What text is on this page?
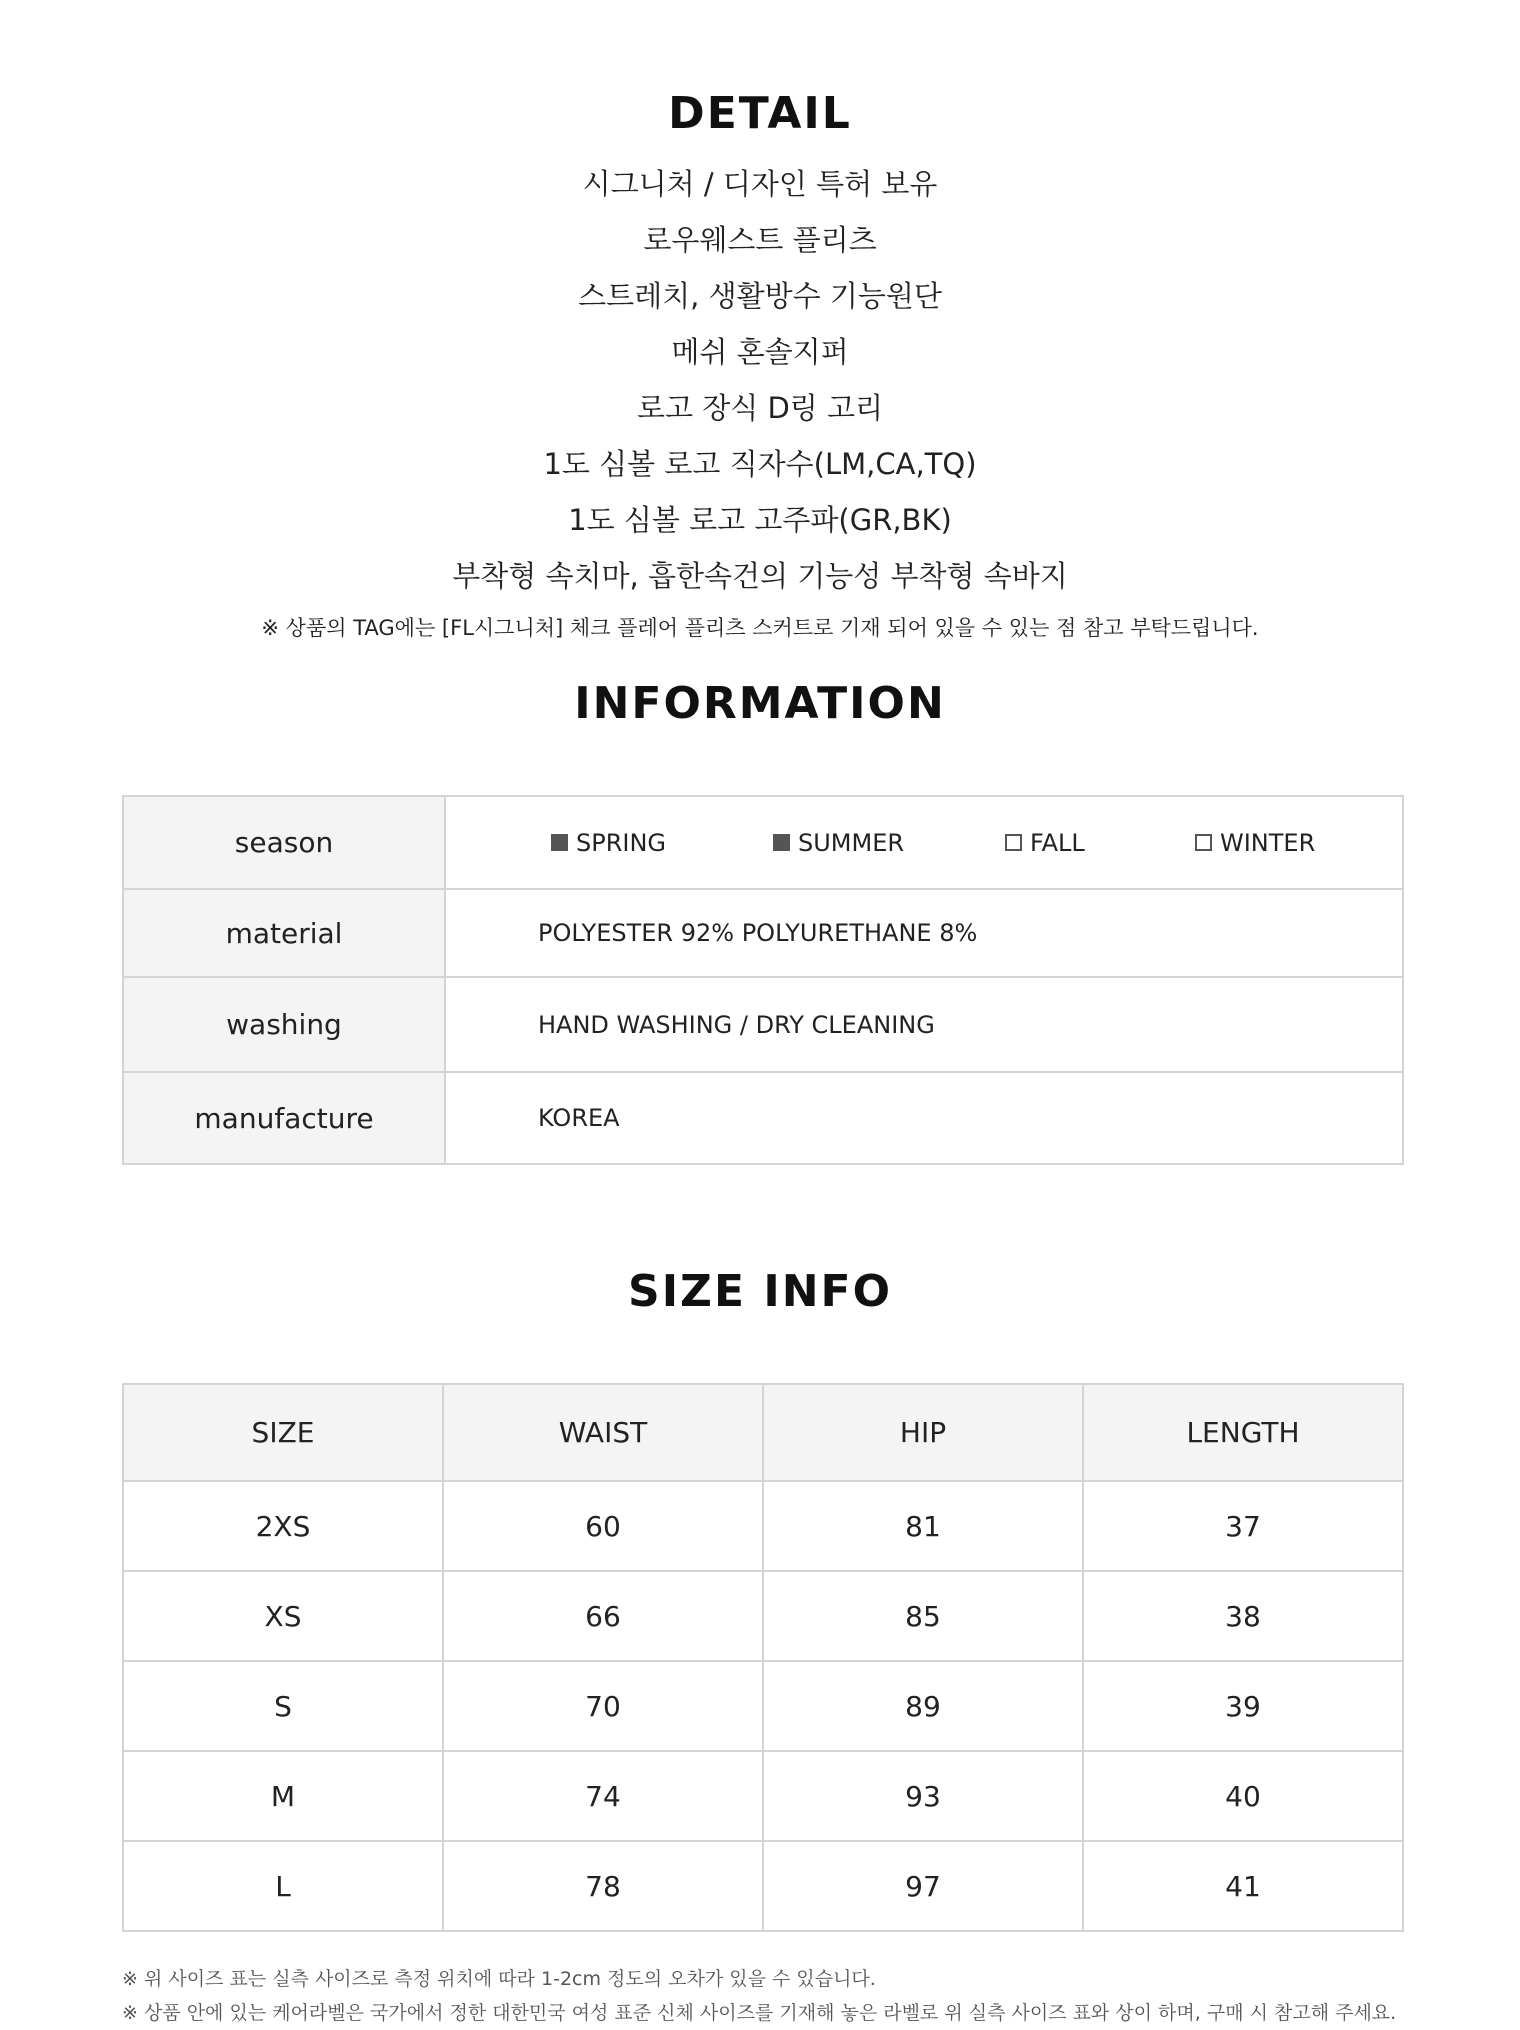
DETAIL
시그니처 / 디자인 특허 보유
로우웨스트 플리츠
스트레치, 생활방수 기능원단
메쉬 혼솔지퍼
로고 장식 D링 고리
1도 심볼 로고 직자수(LM,CA,TQ)
1도 심볼 로고 고주파(GR,BK)
부착형 속치마, 흡한속건의 기능성 부착형 속바지
※ 상품의 TAG에는 [FL시그니처] 체크 플레어 플리츠 스커트로 기재 되어 있을 수 있는 점 참고 부탁드립니다.
INFORMATION
season	SPRING SUMMER FALL WINTER

material	POLYESTER 92% POLYURETHANE 8%
washing	HAND WASHING / DRY CLEANING
manufacture	KOREA
SIZE INFO
SIZE	WAIST	HIP	LENGTH
2XS	60	81	37
XS	66	85	38
S	70	89	39
M	74	93	40
L	78	97	41
※ 위 사이즈 표는 실측 사이즈로 측정 위치에 따라 1-2cm 정도의 오차가 있을 수 있습니다.
※ 상품 안에 있는 케어라벨은 국가에서 정한 대한민국 여성 표준 신체 사이즈를 기재해 놓은 라벨로 위 실측 사이즈 표와 상이 하며, 구매 시 참고해 주세요.
